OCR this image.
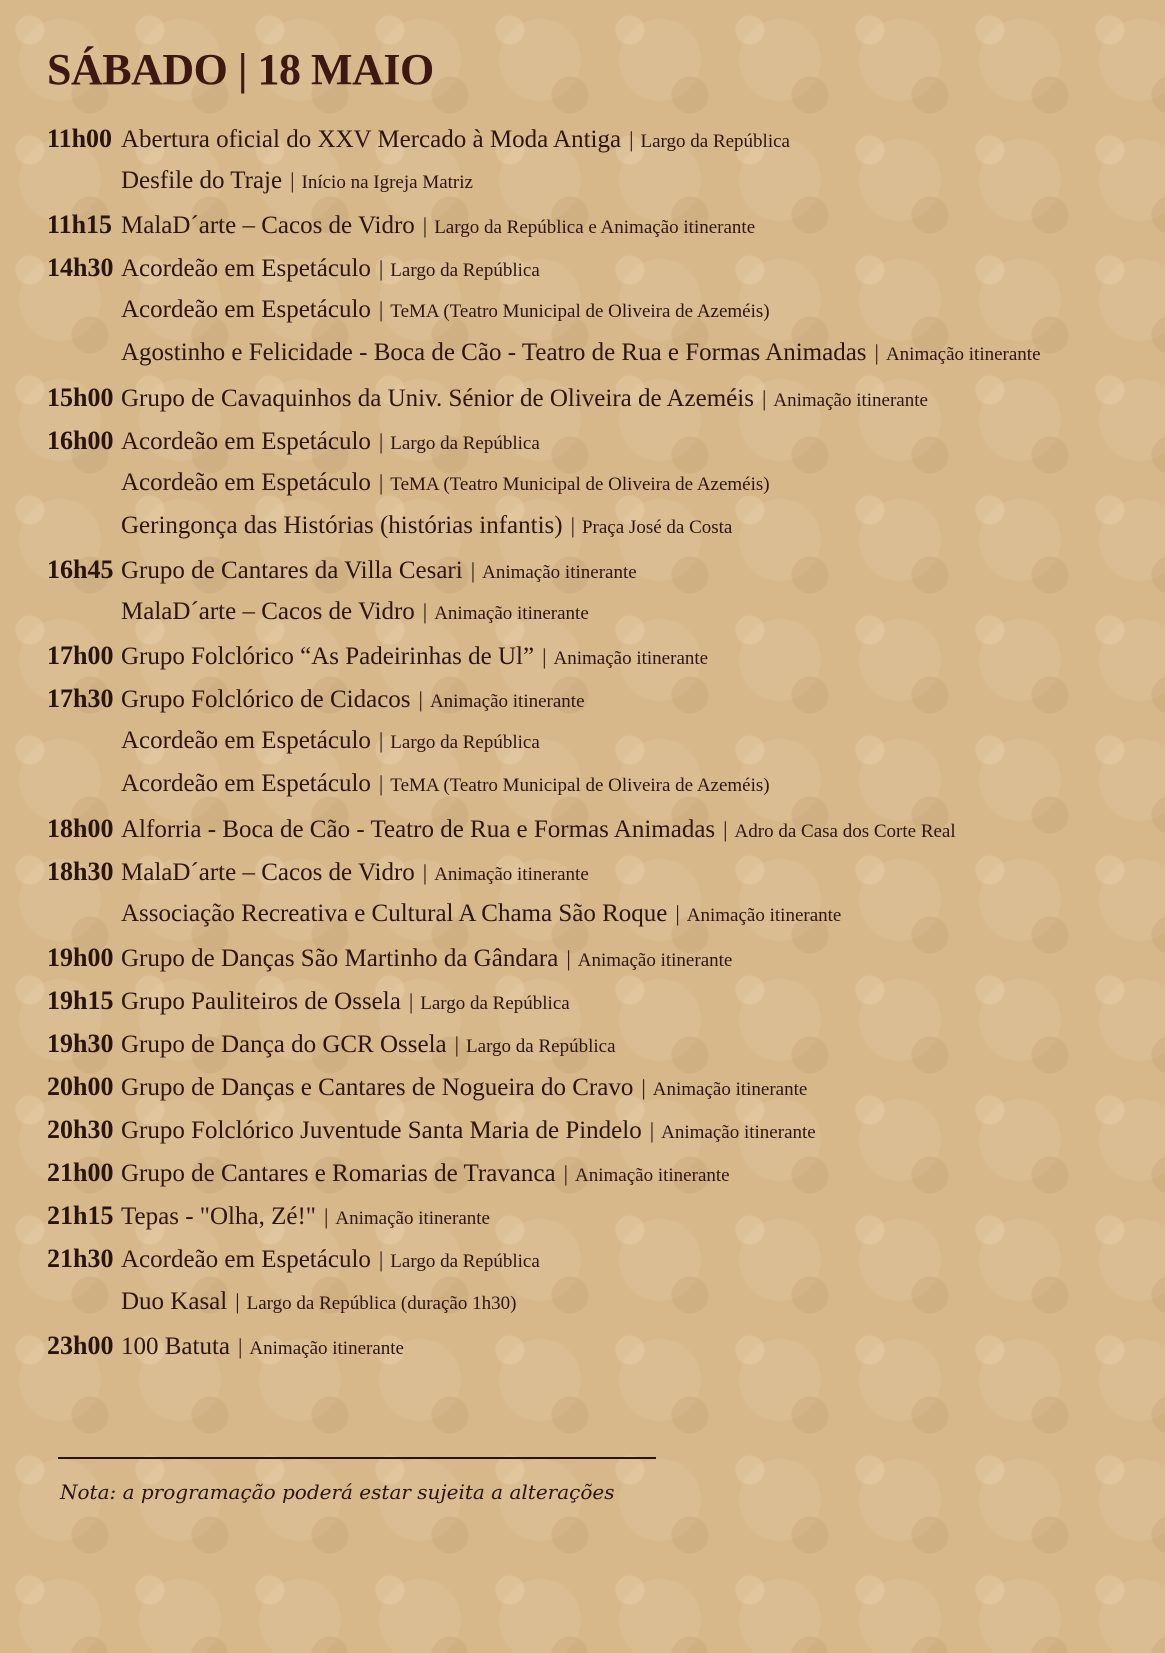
SÁBADO | 18 MAIO
11h00 Abertura oficial do XXV Mercado à Moda Antiga | Largo da República
Desfile do Traje | Início na Igreja Matriz
11h15 MalaD´arte – Cacos de Vidro | Largo da República e Animação itinerante
14h30 Acordeão em Espetáculo | Largo da República
Acordeão em Espetáculo | TeMA (Teatro Municipal de Oliveira de Azeméis)
Agostinho e Felicidade - Boca de Cão - Teatro de Rua e Formas Animadas | Animação itinerante
15h00 Grupo de Cavaquinhos da Univ. Sénior de Oliveira de Azeméis | Animação itinerante
16h00 Acordeão em Espetáculo | Largo da República
Acordeão em Espetáculo | TeMA (Teatro Municipal de Oliveira de Azeméis)
Geringonça das Histórias (histórias infantis) | Praça José da Costa
16h45 Grupo de Cantares da Villa Cesari | Animação itinerante
MalaD´arte – Cacos de Vidro | Animação itinerante
17h00 Grupo Folclórico “As Padeirinhas de Ul” | Animação itinerante
17h30 Grupo Folclórico de Cidacos | Animação itinerante
Acordeão em Espetáculo | Largo da República
Acordeão em Espetáculo | TeMA (Teatro Municipal de Oliveira de Azeméis)
18h00 Alforria - Boca de Cão - Teatro de Rua e Formas Animadas | Adro da Casa dos Corte Real
18h30 MalaD´arte – Cacos de Vidro | Animação itinerante
Associação Recreativa e Cultural A Chama São Roque | Animação itinerante
19h00 Grupo de Danças São Martinho da Gândara | Animação itinerante
19h15 Grupo Pauliteiros de Ossela | Largo da República
19h30 Grupo de Dança do GCR Ossela | Largo da República
20h00 Grupo de Danças e Cantares de Nogueira do Cravo | Animação itinerante
20h30 Grupo Folclórico Juventude Santa Maria de Pindelo | Animação itinerante
21h00 Grupo de Cantares e Romarias de Travanca | Animação itinerante
21h15 Tepas - "Olha, Zé!" | Animação itinerante
21h30 Acordeão em Espetáculo | Largo da República
Duo Kasal | Largo da República (duração 1h30)
23h00 100 Batuta | Animação itinerante
Nota: a programação poderá estar sujeita a alterações
